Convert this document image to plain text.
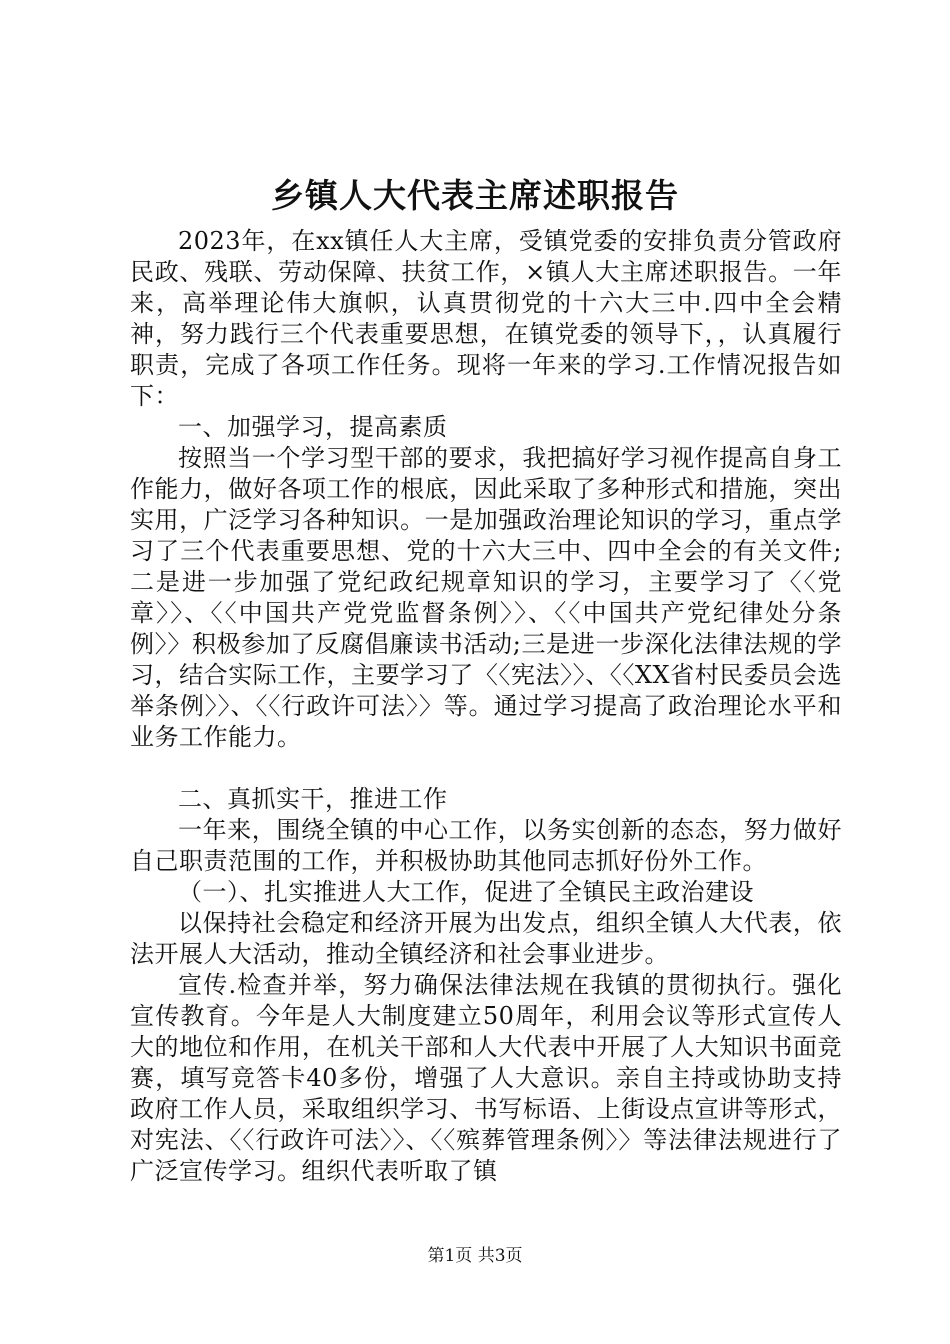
乡镇人大代表主席述职报告

2023年，在xx镇任人大主席，受镇党委的安排负责分管政府民政、残联、劳动保障、扶贫工作，×镇人大主席述职报告。一年来，高举理论伟大旗帜，认真贯彻党的十六大三中.四中全会精神，努力践行三个代表重要思想，在镇党委的领导下，，认真履行职责，完成了各项工作任务。现将一年来的学习.工作情况报告如下：

一、加强学习，提高素质

按照当一个学习型干部的要求，我把搞好学习视作提高自身工作能力，做好各项工作的根底，因此采取了多种形式和措施，突出实用，广泛学习各种知识。一是加强政治理论知识的学习，重点学习了三个代表重要思想、党的十六大三中、四中全会的有关文件;二是进一步加强了党纪政纪规章知识的学习，主要学习了〈〈党章〉〉、〈〈中国共产党党监督条例〉〉、〈〈中国共产党纪律处分条例〉〉积极参加了反腐倡廉读书活动;三是进一步深化法律法规的学习，结合实际工作，主要学习了〈〈宪法〉〉、〈〈XX省村民委员会选举条例〉〉、〈〈行政许可法〉〉等。通过学习提高了政治理论水平和业务工作能力。

二、真抓实干，推进工作

一年来，围绕全镇的中心工作，以务实创新的态态，努力做好自己职责范围的工作，并积极协助其他同志抓好份外工作。

（一）、扎实推进人大工作，促进了全镇民主政治建设

以保持社会稳定和经济开展为出发点，组织全镇人大代表，依法开展人大活动，推动全镇经济和社会事业进步。

宣传.检查并举，努力确保法律法规在我镇的贯彻执行。强化宣传教育。今年是人大制度建立50周年，利用会议等形式宣传人大的地位和作用，在机关干部和人大代表中开展了人大知识书面竞赛，填写竞答卡40多份，增强了人大意识。亲自主持或协助支持政府工作人员，采取组织学习、书写标语、上街设点宣讲等形式，对宪法、〈〈行政许可法〉〉、〈〈殡葬管理条例〉〉等法律法规进行了广泛宣传学习。组织代表听取了镇

第1页 共3页
